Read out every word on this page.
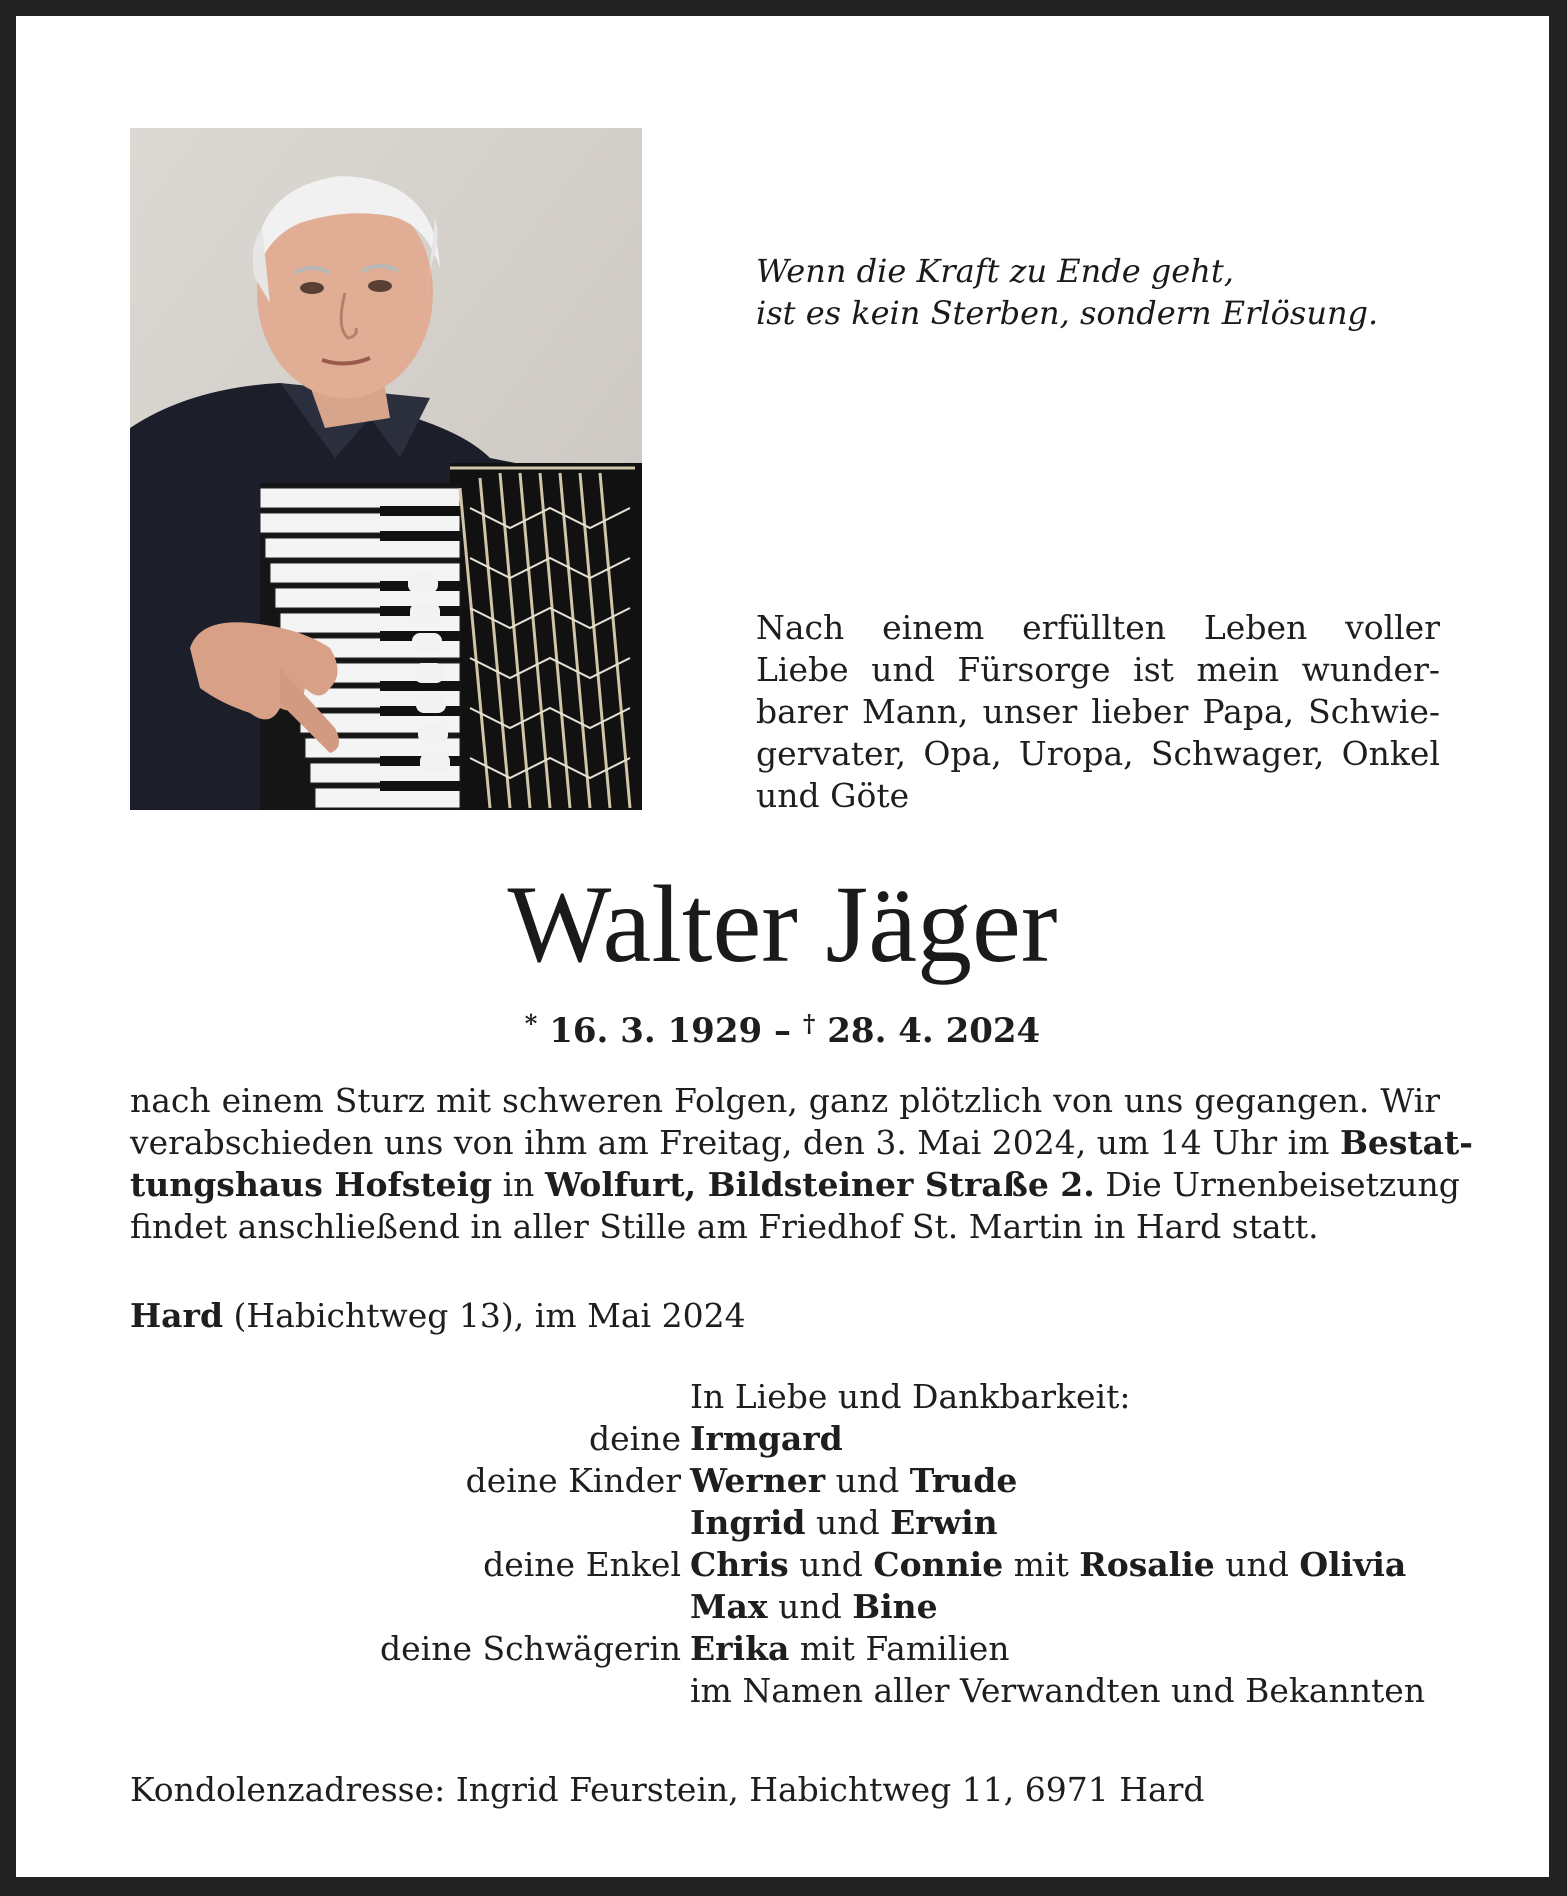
Wenn die Kraft zu Ende geht,
ist es kein Sterben, sondern Erlösung.
Nach einem erfüllten Leben voller
Liebe und Fürsorge ist mein wunder-
barer Mann, unser lieber Papa, Schwie-
gervater, Opa, Uropa, Schwager, Onkel
und Göte
Walter Jäger
* 16. 3. 1929 – † 28. 4. 2024
nach einem Sturz mit schweren Folgen, ganz plötzlich von uns gegangen. Wir
verabschieden uns von ihm am Freitag, den 3. Mai 2024, um 14 Uhr im Bestat-
tungshaus Hofsteig in Wolfurt, Bildsteiner Straße 2. Die Urnenbeisetzung
findet anschließend in aller Stille am Friedhof St. Martin in Hard statt.
Hard (Habichtweg 13), im Mai 2024
In Liebe und Dankbarkeit:
deine Irmgard
deine Kinder Werner und Trude
Ingrid und Erwin
deine Enkel Chris und Connie mit Rosalie und Olivia
Max und Bine
deine Schwägerin Erika mit Familien
im Namen aller Verwandten und Bekannten
Kondolenzadresse: Ingrid Feurstein, Habichtweg 11, 6971 Hard
